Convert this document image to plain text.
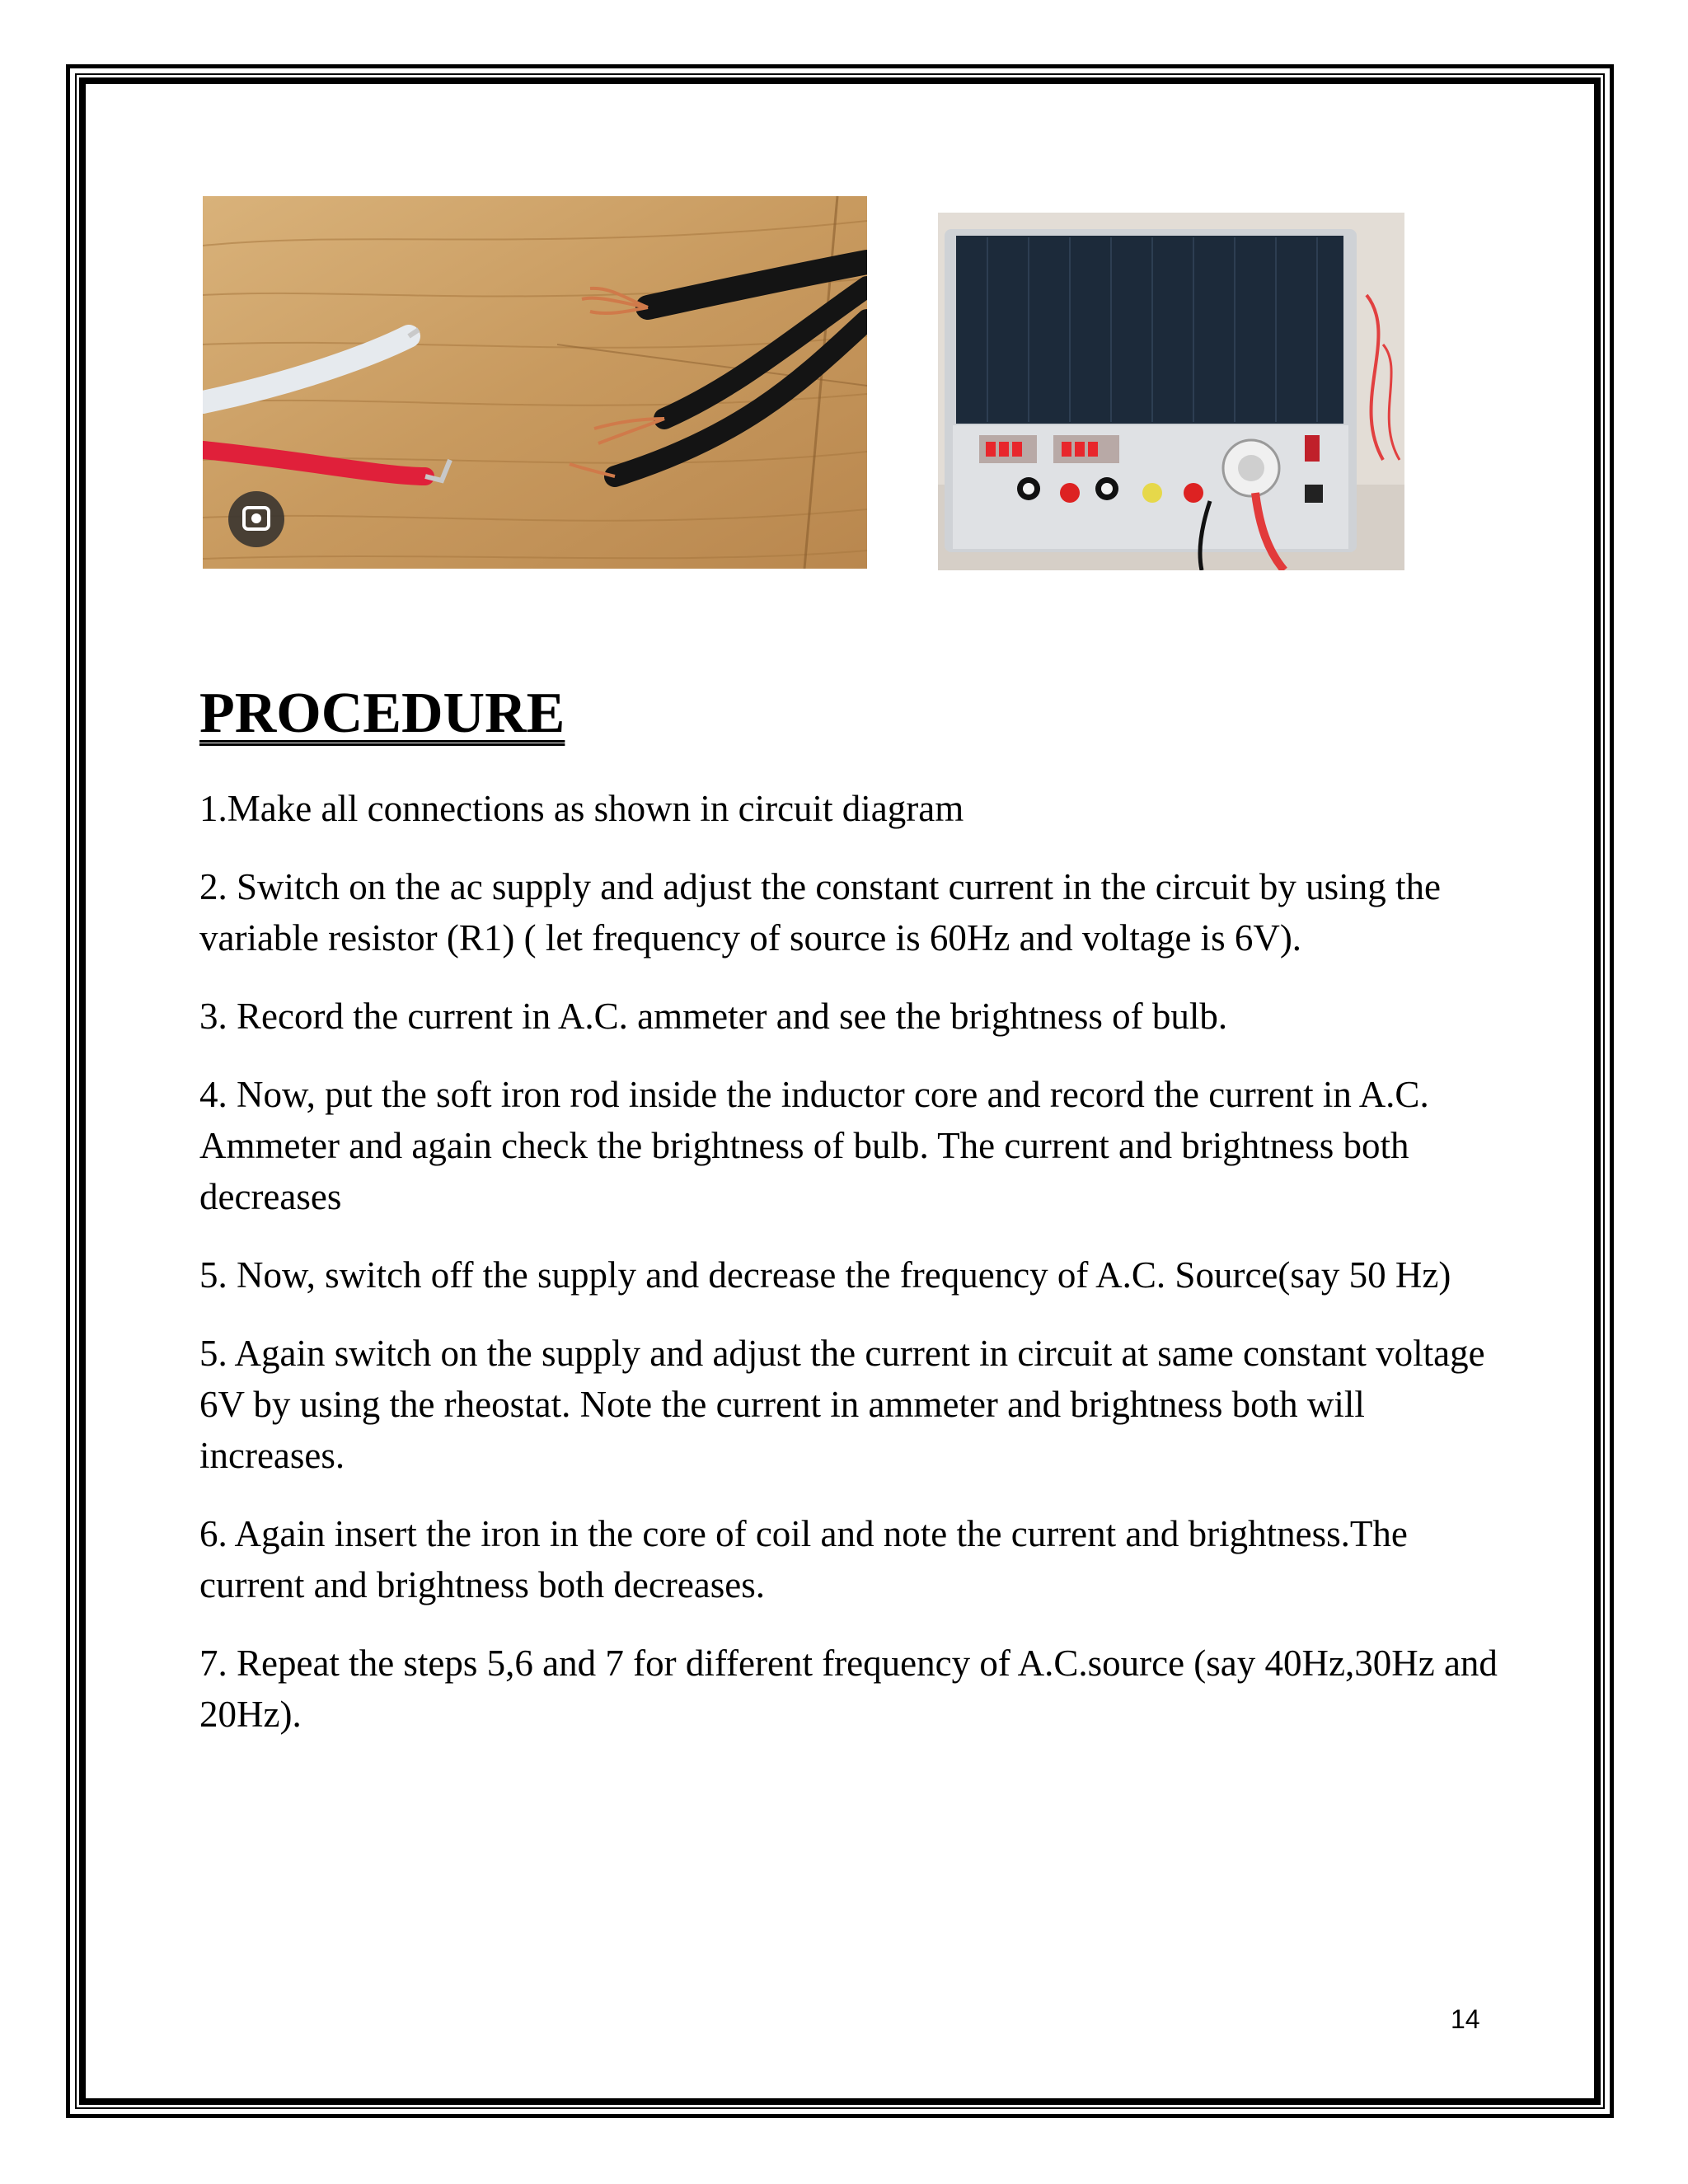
PROCEDURE
1.Make all connections as shown in circuit diagram
2. Switch on the ac supply and adjust the constant current in the circuit by using the variable resistor (R1) ( let frequency of source is 60Hz and voltage is 6V).
3. Record the current in A.C. ammeter and see the brightness of bulb.
4. Now, put the soft iron rod inside the inductor core and record the current in A.C. Ammeter and again check the brightness of bulb. The current and brightness both decreases
5. Now, switch off the supply and decrease the frequency of A.C. Source(say 50 Hz)
5. Again switch on the supply and adjust the current in circuit at same constant voltage 6V by using the rheostat. Note the current in ammeter and brightness both will increases.
6. Again insert the iron in the core of coil and note the current and brightness.The current and brightness both decreases.
7. Repeat the steps 5,6 and 7 for different frequency of A.C.source (say 40Hz,30Hz and 20Hz).
14
